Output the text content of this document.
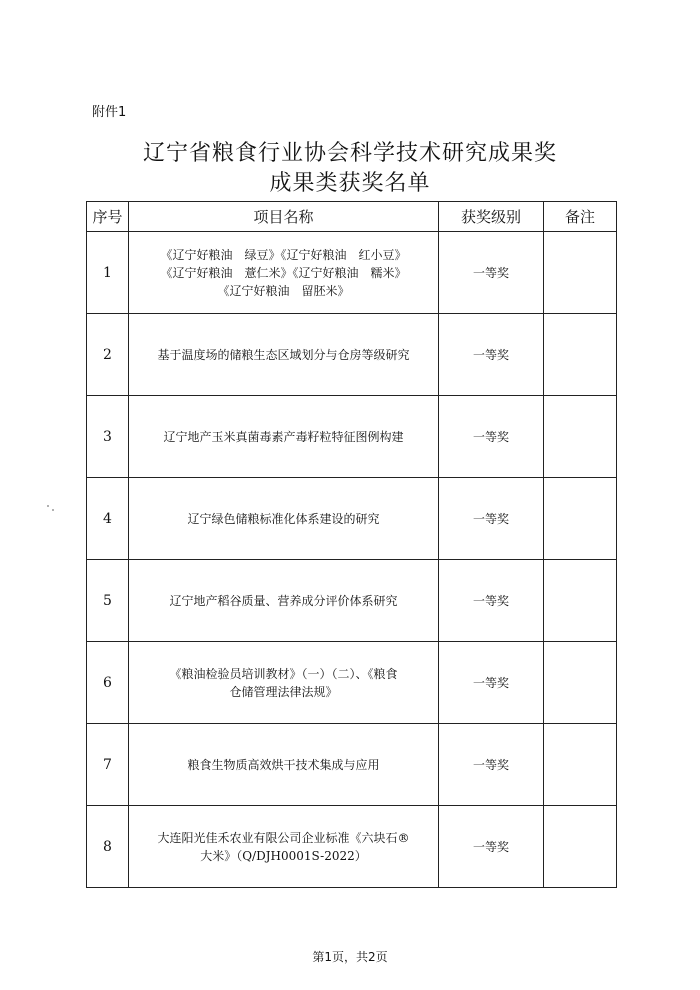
附件1
辽宁省粮食行业协会科学技术研究成果奖
成果类获奖名单
序号	项目名称	获奖级别	备注
1	《辽宁好粮油　绿豆》《辽宁好粮油　红小豆》
《辽宁好粮油　薏仁米》《辽宁好粮油　糯米》
《辽宁好粮油　留胚米》	一等奖	
2	基于温度场的储粮生态区域划分与仓房等级研究	一等奖	
3	辽宁地产玉米真菌毒素产毒籽粒特征图例构建	一等奖	
4	辽宁绿色储粮标准化体系建设的研究	一等奖	
5	辽宁地产稻谷质量、营养成分评价体系研究	一等奖	
6	《粮油检验员培训教材》（一）（二）、《粮食
仓储管理法律法规》	一等奖	
7	粮食生物质高效烘干技术集成与应用	一等奖	
8	大连阳光佳禾农业有限公司企业标准《六块石®
大米》（Q/DJH0001S-2022）	一等奖	
第1页，共2页
